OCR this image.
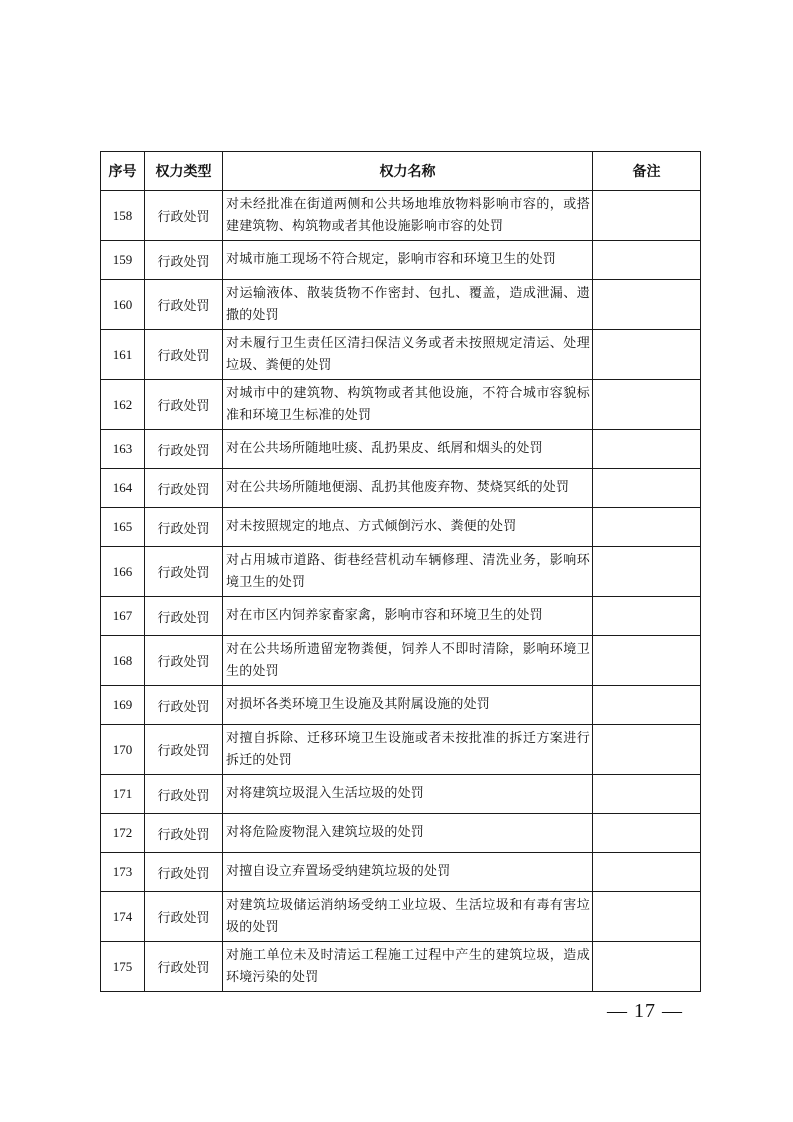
序号	权力类型	权力名称	备注
158	行政处罚	对未经批准在街道两侧和公共场地堆放物料影响市容的，或搭建建筑物、构筑物或者其他设施影响市容的处罚	
159	行政处罚	对城市施工现场不符合规定，影响市容和环境卫生的处罚	
160	行政处罚	对运输液体、散装货物不作密封、包扎、覆盖，造成泄漏、遗撒的处罚	
161	行政处罚	对未履行卫生责任区清扫保洁义务或者未按照规定清运、处理垃圾、粪便的处罚	
162	行政处罚	对城市中的建筑物、构筑物或者其他设施，不符合城市容貌标准和环境卫生标准的处罚	
163	行政处罚	对在公共场所随地吐痰、乱扔果皮、纸屑和烟头的处罚	
164	行政处罚	对在公共场所随地便溺、乱扔其他废弃物、焚烧冥纸的处罚	
165	行政处罚	对未按照规定的地点、方式倾倒污水、粪便的处罚	
166	行政处罚	对占用城市道路、街巷经营机动车辆修理、清洗业务，影响环境卫生的处罚	
167	行政处罚	对在市区内饲养家畜家禽，影响市容和环境卫生的处罚	
168	行政处罚	对在公共场所遗留宠物粪便，饲养人不即时清除，影响环境卫生的处罚	
169	行政处罚	对损坏各类环境卫生设施及其附属设施的处罚	
170	行政处罚	对擅自拆除、迁移环境卫生设施或者未按批准的拆迁方案进行拆迁的处罚	
171	行政处罚	对将建筑垃圾混入生活垃圾的处罚	
172	行政处罚	对将危险废物混入建筑垃圾的处罚	
173	行政处罚	对擅自设立弃置场受纳建筑垃圾的处罚	
174	行政处罚	对建筑垃圾储运消纳场受纳工业垃圾、生活垃圾和有毒有害垃圾的处罚	
175	行政处罚	对施工单位未及时清运工程施工过程中产生的建筑垃圾，造成环境污染的处罚	
— 17 —
